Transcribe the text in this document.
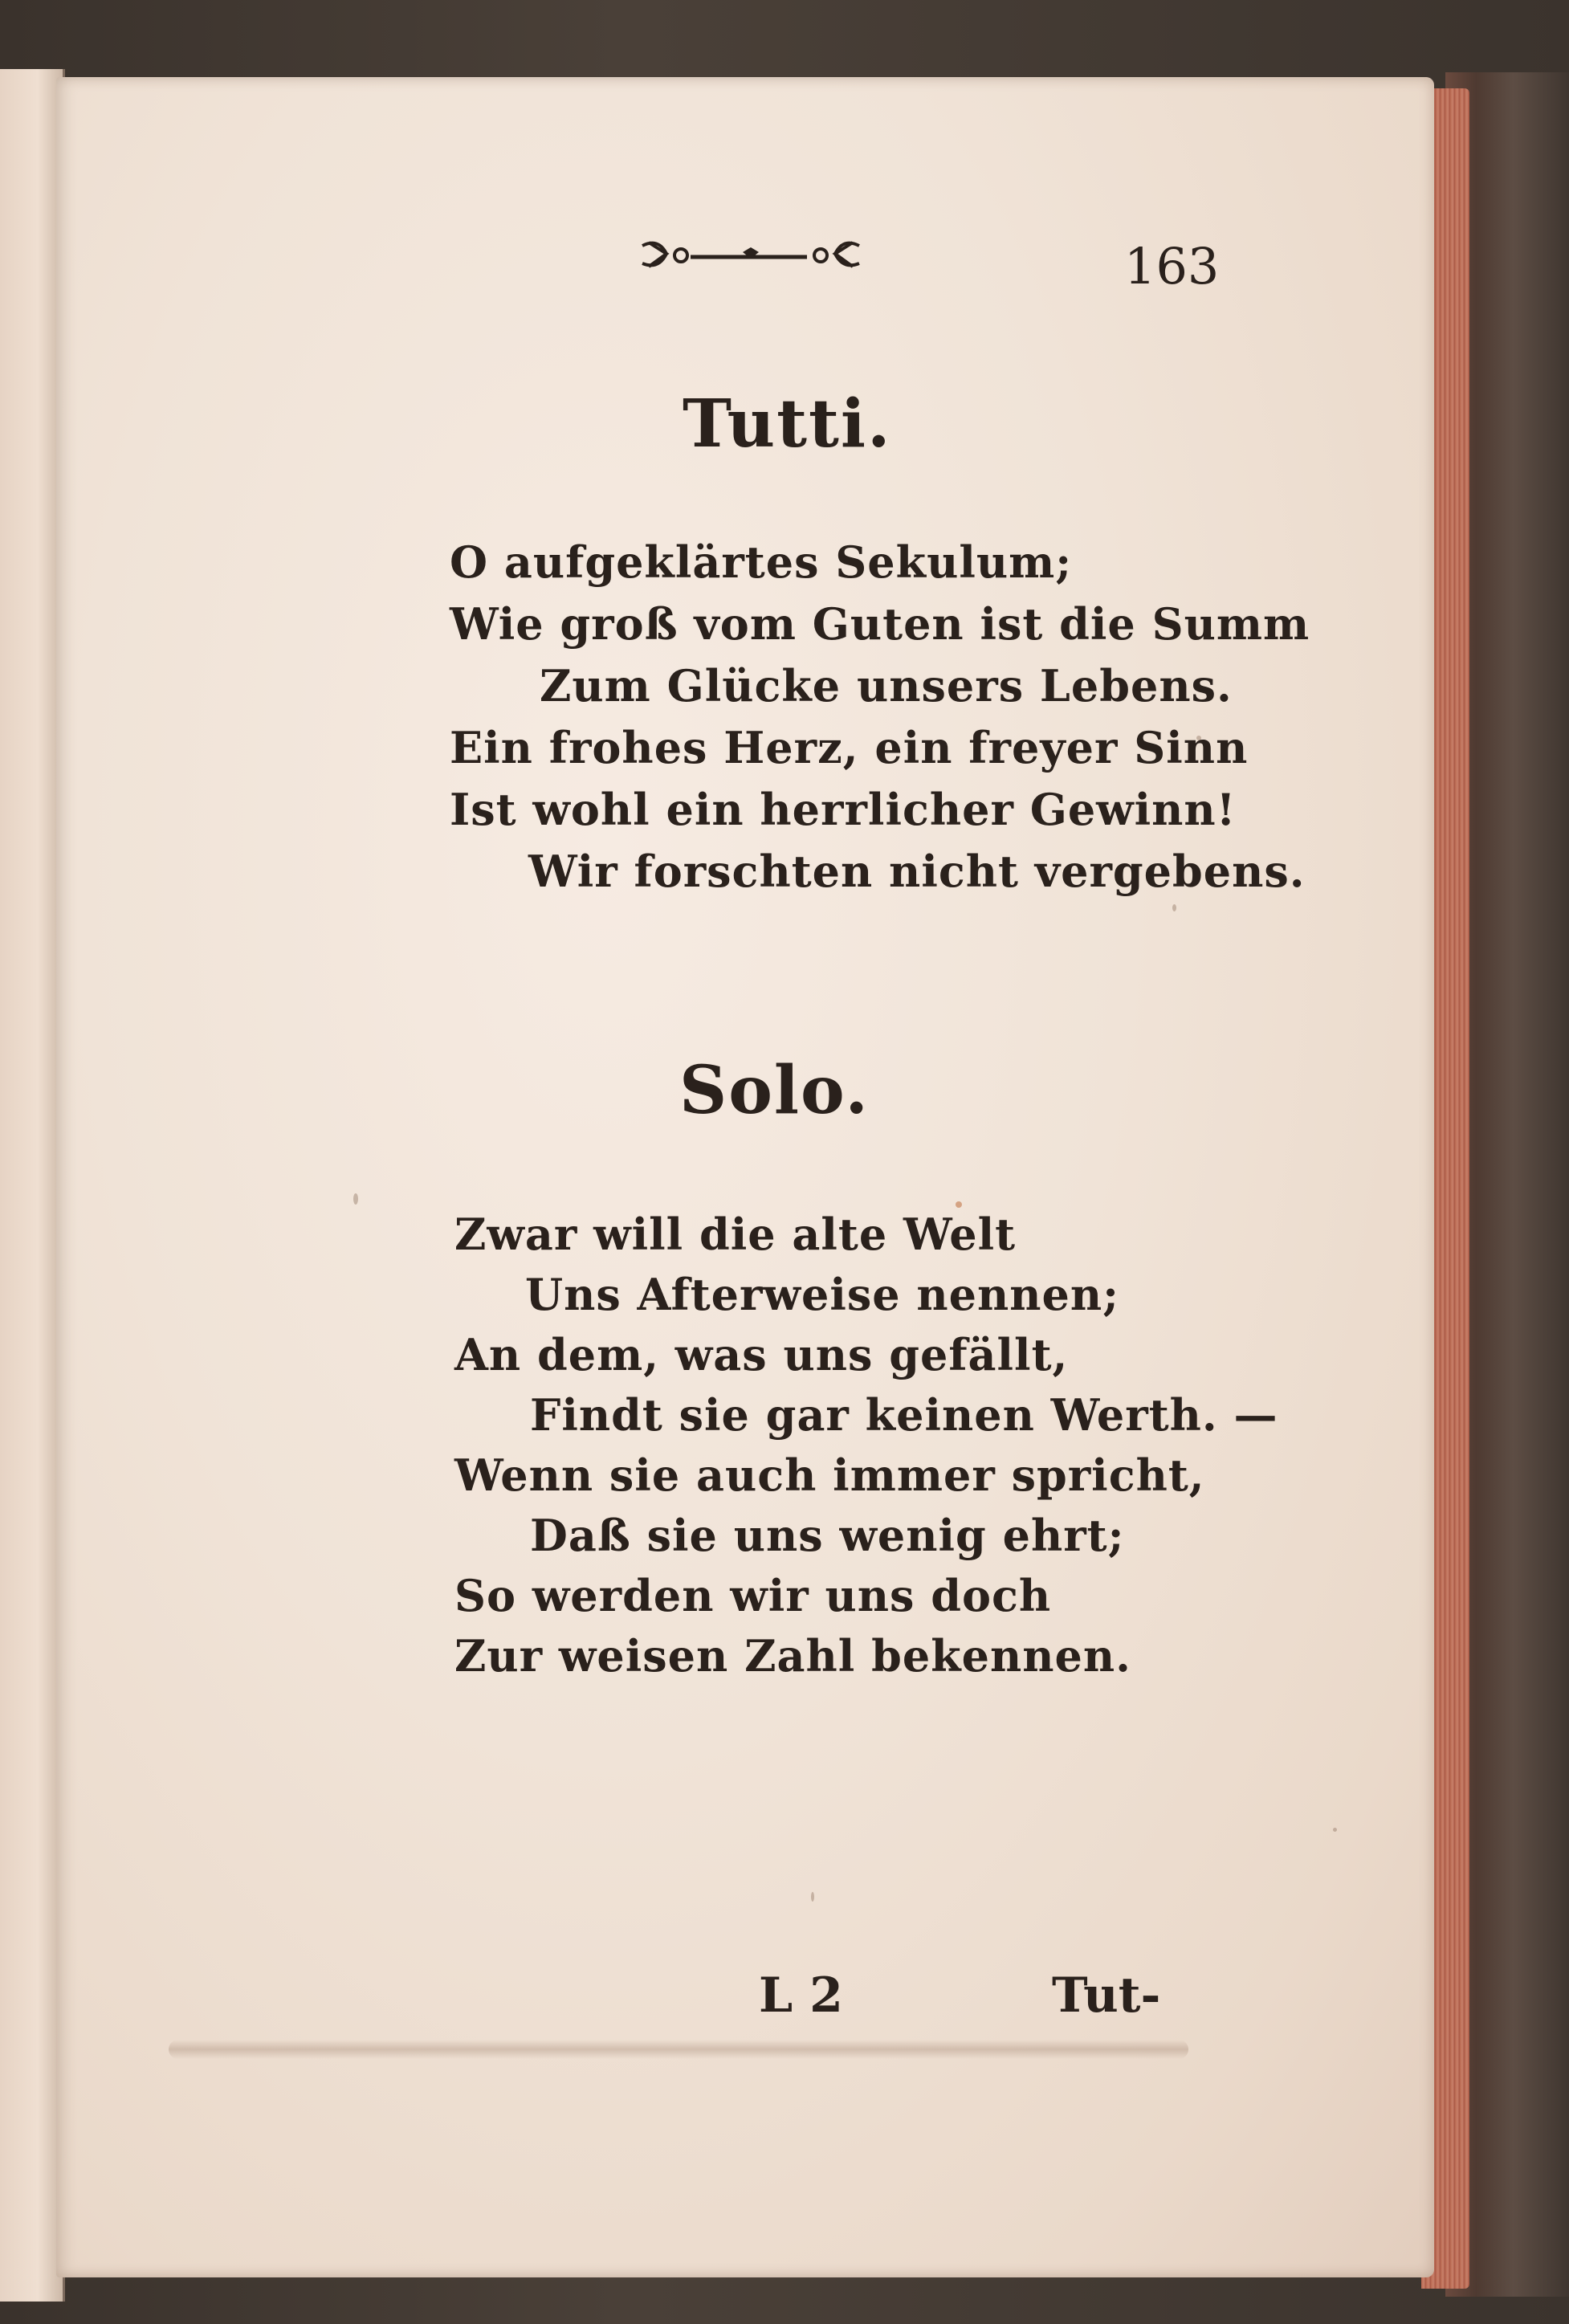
163
Tutti.
O aufgeklärtes Sekulum;
Wie groß vom Guten ist die Summ
Zum Glücke unsers Lebens.
Ein frohes Herz, ein freyer Sinn
Ist wohl ein herrlicher Gewinn!
Wir forschten nicht vergebens.
Solo.
Zwar will die alte Welt
Uns Afterweise nennen;
An dem, was uns gefällt,
Findt sie gar keinen Werth. —
Wenn sie auch immer spricht,
Daß sie uns wenig ehrt;
So werden wir uns doch
Zur weisen Zahl bekennen.
L 2	Tut-
